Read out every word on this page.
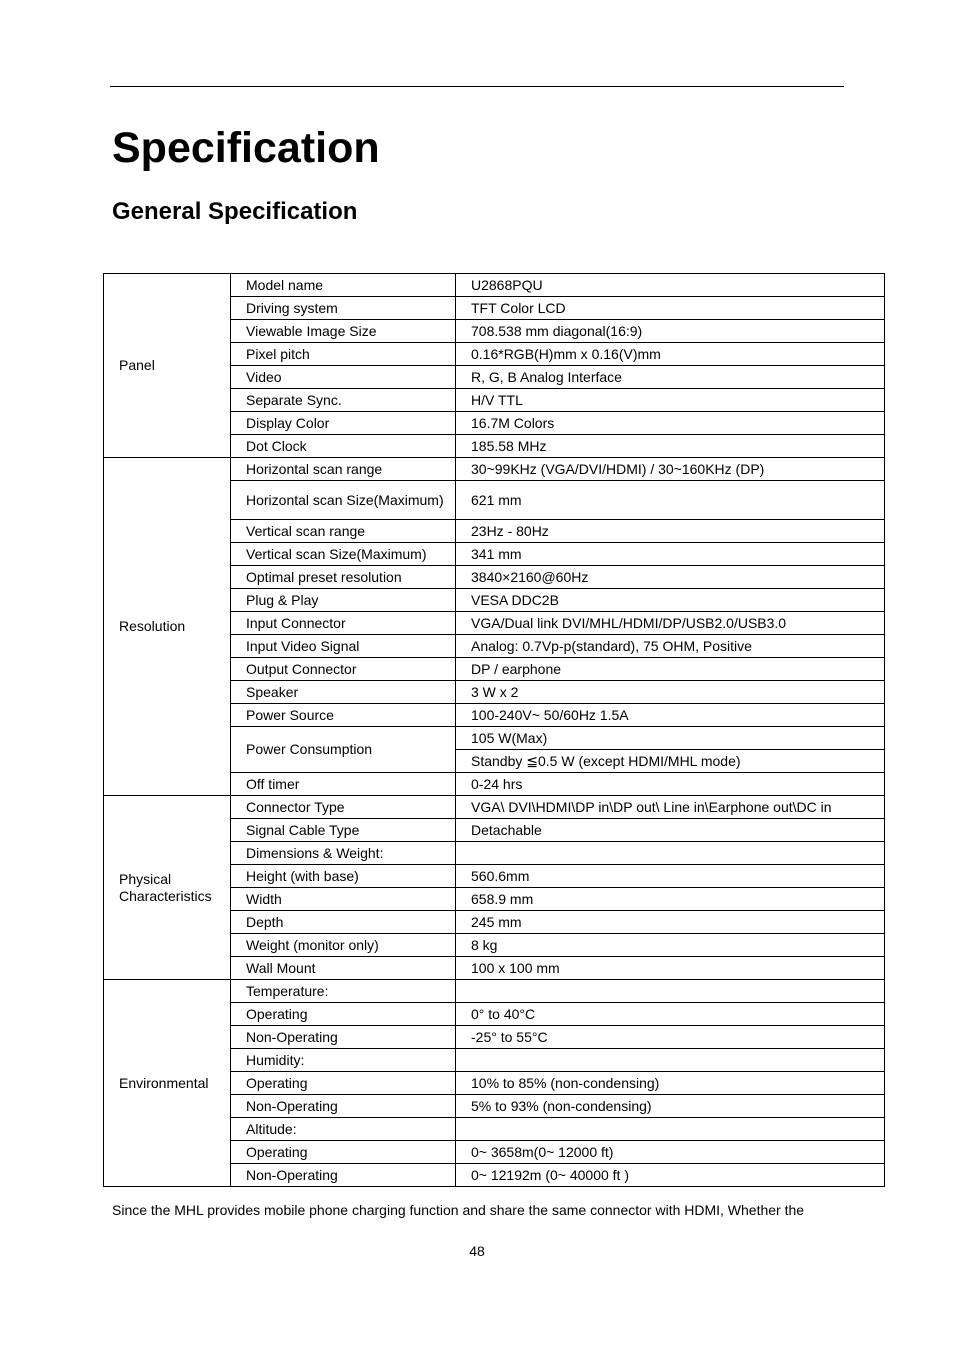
Specification
General Specification
Panel	Model name	U2868PQU
	Driving system	TFT Color LCD
	Viewable Image Size	708.538 mm diagonal(16:9)
	Pixel pitch	0.16*RGB(H)mm x 0.16(V)mm
	Video	R, G, B Analog Interface
	Separate Sync.	H/V TTL
	Display Color	16.7M Colors
	Dot Clock	185.58 MHz
Resolution	Horizontal scan range	30~99KHz (VGA/DVI/HDMI) / 30~160KHz (DP)
	Horizontal scan Size(Maximum)	621 mm
	Vertical scan range	23Hz - 80Hz
	Vertical scan Size(Maximum)	341 mm
	Optimal preset resolution	3840×2160@60Hz
	Plug & Play	VESA DDC2B
	Input Connector	VGA/Dual link DVI/MHL/HDMI/DP/USB2.0/USB3.0
	Input Video Signal	Analog: 0.7Vp-p(standard), 75 OHM, Positive
	Output Connector	DP / earphone
	Speaker	3 W x 2
	Power Source	100-240V~ 50/60Hz 1.5A
	Power Consumption	105 W(Max)
		Standby ≦0.5 W (except HDMI/MHL mode)
	Off timer	0-24 hrs
Physical Characteristics	Connector Type	VGA\ DVI\HDMI\DP in\DP out\ Line in\Earphone out\DC in
	Signal Cable Type	Detachable
	Dimensions & Weight:	
	Height (with base)	560.6mm
	Width	658.9 mm
	Depth	245 mm
	Weight (monitor only)	8 kg
	Wall Mount	100 x 100 mm
Environmental	Temperature:	
	Operating	0° to 40°C
	Non-Operating	-25° to 55°C
	Humidity:	
	Operating	10% to 85% (non-condensing)
	Non-Operating	5% to 93% (non-condensing)
	Altitude:	
	Operating	0~ 3658m(0~ 12000 ft)
	Non-Operating	0~ 12192m (0~ 40000 ft )
Since the MHL provides mobile phone charging function and share the same connector with HDMI, Whether the
48
